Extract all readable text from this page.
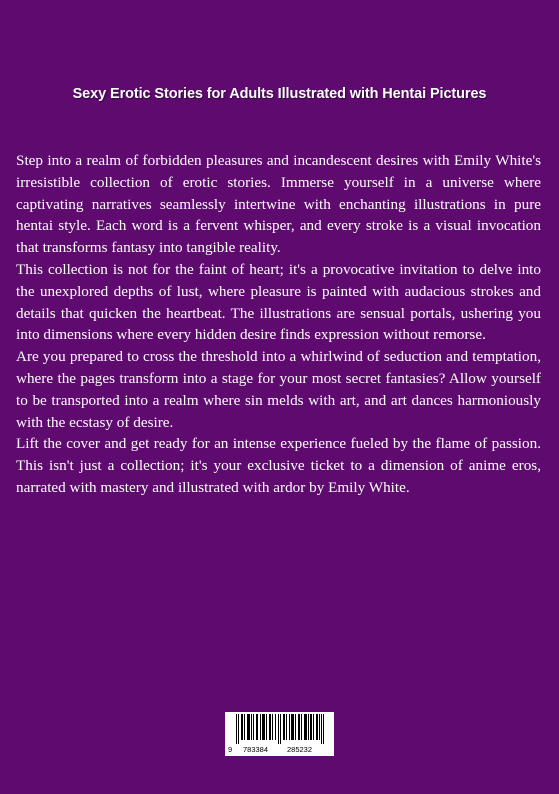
Sexy Erotic Stories for Adults Illustrated with Hentai Pictures

Step into a realm of forbidden pleasures and incandescent desires with Emily White's irresistible collection of erotic stories. Immerse yourself in a universe where captivating narratives seamlessly intertwine with enchanting illustrations in pure hentai style. Each word is a fervent whisper, and every stroke is a visual invocation that transforms fantasy into tangible reality.

This collection is not for the faint of heart; it's a provocative invitation to delve into the unexplored depths of lust, where pleasure is painted with audacious strokes and details that quicken the heartbeat. The illustrations are sensual portals, ushering you into dimensions where every hidden desire finds expression without remorse.

Are you prepared to cross the threshold into a whirlwind of seduction and temptation, where the pages transform into a stage for your most secret fantasies? Allow yourself to be transported into a realm where sin melds with art, and art dances harmoniously with the ecstasy of desire.

Lift the cover and get ready for an intense experience fueled by the flame of passion. This isn't just a collection; it's your exclusive ticket to a dimension of anime eros, narrated with mastery and illustrated with ardor by Emily White.

9 783384	285232
